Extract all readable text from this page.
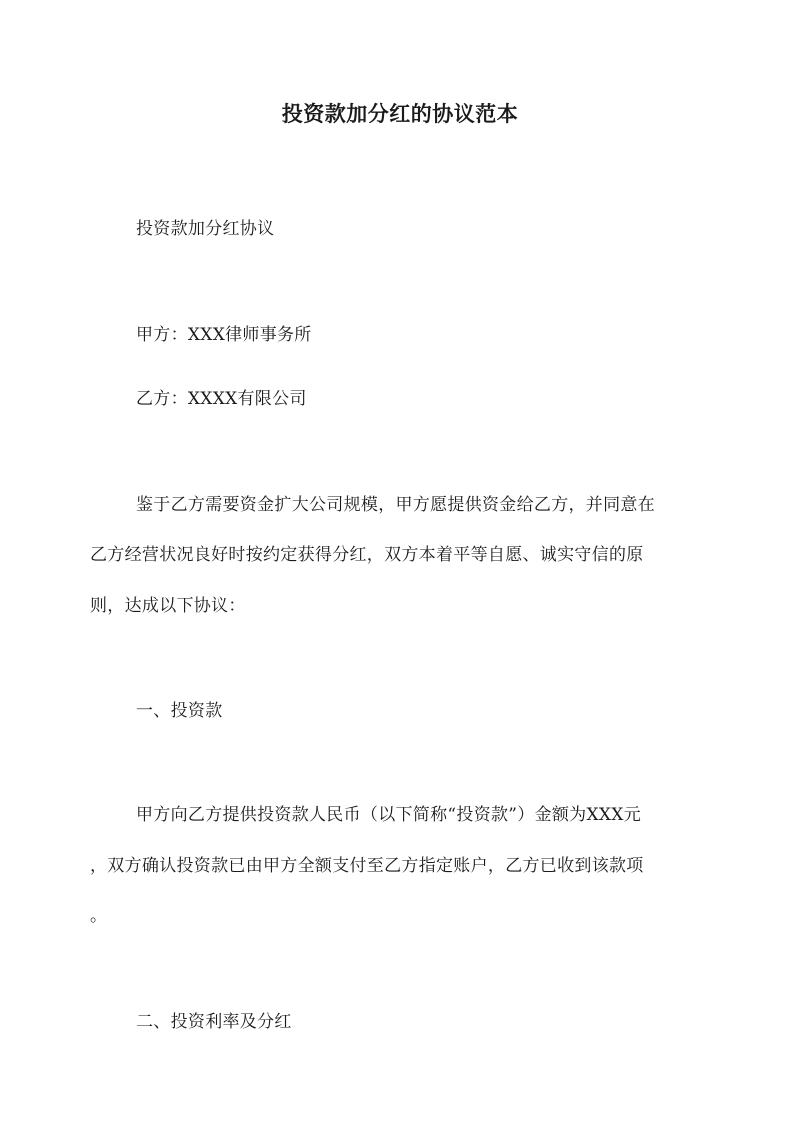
投资款加分红的协议范本
投资款加分红协议
甲方：XXX律师事务所
乙方：XXXX有限公司
鉴于乙方需要资金扩大公司规模，甲方愿提供资金给乙方，并同意在
乙方经营状况良好时按约定获得分红，双方本着平等自愿、诚实守信的原
则，达成以下协议：
一、投资款
甲方向乙方提供投资款人民币（以下简称“投资款”）金额为XXX元
，双方确认投资款已由甲方全额支付至乙方指定账户，乙方已收到该款项
。
二、投资利率及分红
